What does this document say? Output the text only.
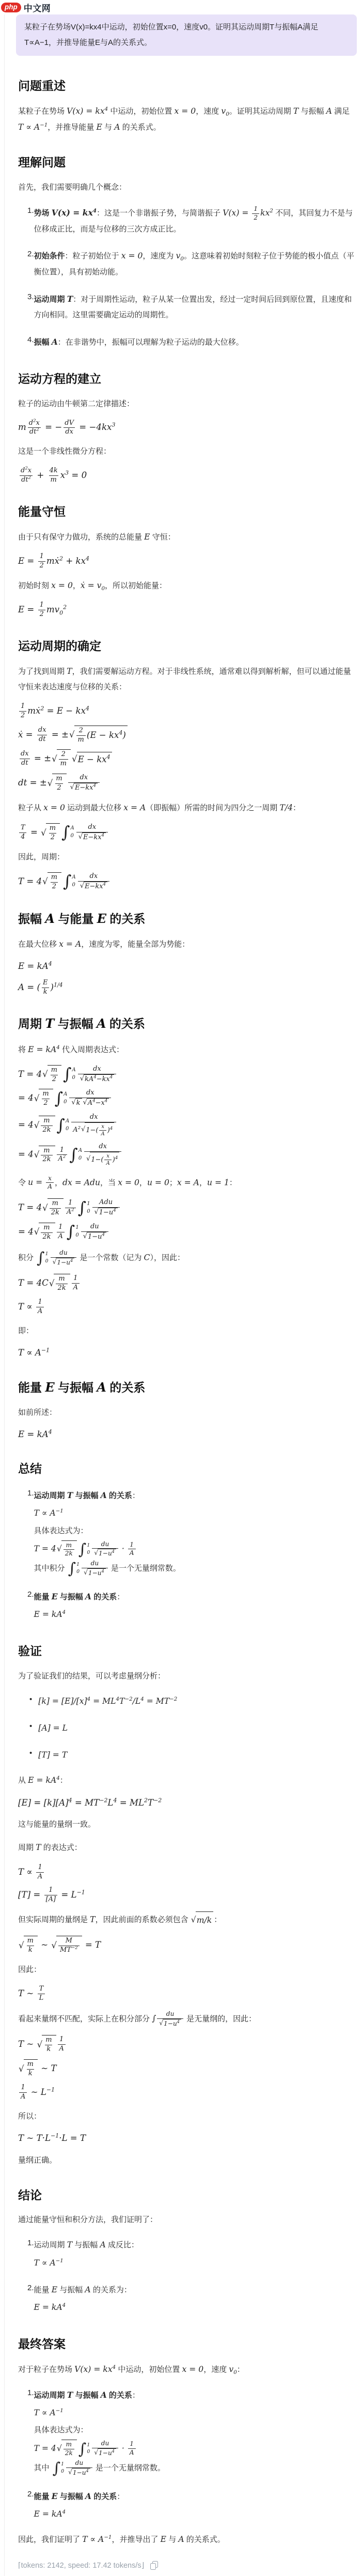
php 中文网
某粒子在势场V(x)=kx4中运动，初始位置x=0，速度v0。证明其运动周期T与振幅A满足T∝A−1，并推导能量E与A的关系式。
问题重述
某粒子在势场 $V(x) = kx^4$ 中运动，初始位置 x = 0，速度 $v_0$。证明其运动周期 T 与振幅 A 满足 $T \propto A^{-1}$，并推导能量 E 与 A 的关系式。
理解问题
首先，我们需要明确几个概念：
1. 势场 $V(x) = kx^4$：这是一个非谐振子势，与简谐振子 $V(x) = \frac{1}{2} kx^2$ 不同，其回复力不是与位移成正比，而是与位移的三次方成正比。
2. 初始条件：粒子初始位于 x = 0，速度为 $v_0$。这意味着初始时刻粒子位于势能的极小值点（平衡位置），具有初始动能。
3. 运动周期 T：对于周期性运动，粒子从某一位置出发，经过一定时间后回到原位置，且速度和方向相同。这里需要确定运动的周期性。
4. 振幅 A：在非谐势中，振幅可以理解为粒子运动的最大位移。
运动方程的建立
粒子的运动由牛顿第二定律描述：
m $\frac{d^2x}{dt^2}$ = − $\frac{dV}{dx} = -4kx^3$
这是一个非线性微分方程：
$\frac{d^2x}{dt^2} + \frac{4k}{m} x^3 = 0$
能量守恒
由于只有保守力做功，系统的总能量 E 守恒：
$E = \frac{1}{2}$ mẋ$^2$ + $kx^4$
初始时刻 x = 0，ẋ = $v_0$，所以初始能量：
$E = \frac{1}{2} mv_0^2$
运动周期的确定
为了找到周期 T，我们需要解运动方程。对于非线性系统，通常难以得到解析解，但可以通过能量守恒来表达速度与位移的关系：
$\frac{1}{2}$ mẋ$^2$ = $E - kx^4$
ẋ = $\frac{dx}{dt}$ = ± √ $\frac{2}{m} (E - kx^4)$
$\frac{dx}{dt}$ = ± √ $\frac{2}{m}$ √ $E - kx^4$
dt = ± √ $\frac{m}{2} \frac{dx}{√ E-kx^4}$
粒子从 x = 0 运动到最大位移 x = A（即振幅）所需的时间为四分之一周期 T/4：
$\frac{T}{4}$ = √ $\frac{m}{2}$ ∫ A
$0 \frac{dx}{√ E-kx^4}$
因此，周期：
T = 4 √ $\frac{m}{2}$ ∫ A
$0 \frac{dx}{√ E-kx^4}$
振幅 A 与能量 E 的关系
在最大位移 x = A，速度为零，能量全部为势能：
$E = kA^4$
A = ( $\frac{E}{k} )^{1/4}$
周期 T 与振幅 A 的关系
将 $E = kA^4$ 代入周期表达式：
T = 4 √ $\frac{m}{2}$ ∫ A
$0 \frac{dx}{√ kA^4-kx^4}$
= 4 √ $\frac{m}{2}$ ∫ A
$0 \frac{dx}{√ k √ A^4-x^4}$
= 4 √ $\frac{m}{2k}$ ∫ A
$0 \frac{dx}{A^2 √ 1-( \frac{x}{A} )^4}$
= 4 √ $\frac{m}{2k} \frac{1}{A^2}$ ∫ A
$0 \frac{dx}{√ 1-( \frac{x}{A} )^4}$
令 $u = \frac{x}{A}$ ，dx = Adu，当 x = 0，u = 0；x = A，u = 1：
T = 4 √ $\frac{m}{2k} \frac{1}{A^2}$ ∫ 1
$0 \frac{\text{Adu}}{√ 1-u^4}$
= 4 √ $\frac{m}{2k} \frac{1}{A}$ ∫ 1
$0 \frac{du}{√ 1-u^4}$
积分 ∫ 1
$0 \frac{du}{√ 1-u^4}$ 是一个常数（记为 C），因此：
T = 4C √ $\frac{m}{2k} \frac{1}{A}$
$T \propto \frac{1}{A}$
即：
$T \propto A^{-1}$
能量 E 与振幅 A 的关系
如前所述：
$E = kA^4$
总结
1. 运动周期 T 与振幅 A 的关系：
$T \propto A^{-1}$
具体表达式为：
T = 4 √ $\frac{m}{2k}$ ∫ 1
$0 \frac{du}{√ 1-u^4} \cdot \frac{1}{A}$
其中积分 ∫ 1
$0 \frac{du}{√ 1-u^4}$ 是一个无量纲常数。
2. 能量 E 与振幅 A 的关系：
$E = kA^4$
验证
为了验证我们的结果，可以考虑量纲分析：
• $[k] = [E]/[x]^4 = ML^4T^{-2}/L^4 = MT^{-2}$
• [A] = L
• [T] = T
从 $E = kA^4$：
$[E] = [k][A]^4 = MT^{-2}L^4 = ML^2T^{-2}$
这与能量的量纲一致。
周期 T 的表达式：
$T \propto \frac{1}{A}$
$[T] = \frac{1}{[A]} = L^{-1}$
但实际周期的量纲是 T，因此前面的系数必须包含 √ m/k ：
√ $\frac{m}{k}$ ∼ √ $\frac{M}{MT^{-2}} = T$
因此：
T ∼ $\frac{T}{L}$
看起来量纲不匹配，实际上在积分部分 ∫ $\frac{du}{√ 1-u^4}$ 是无量纲的，因此：
T ∼ √ $\frac{m}{k} \frac{1}{A}$
√ $\frac{m}{k}$ ∼ T
$\frac{1}{A}$ ∼ $L^{-1}$
所以：
T ∼ $T\cdot L^{-1}\cdot L = T$
量纲正确。
结论
通过能量守恒和积分方法，我们证明了：
1. 运动周期 T 与振幅 A 成反比：
$T \propto A^{-1}$
2. 能量 E 与振幅 A 的关系为：
$E = kA^4$
最终答案
对于粒子在势场 $V(x) = kx^4$ 中运动，初始位置 x = 0，速度 $v_0$：
1. 运动周期 T 与振幅 A 的关系：
$T \propto A^{-1}$
具体表达式为：
T = 4 √ $\frac{m}{2k}$ ∫ 1
$0 \frac{du}{√ 1-u^4} \cdot \frac{1}{A}$
其中 ∫ 1
$0 \frac{du}{√ 1-u^4}$ 是一个无量纲常数。
2. 能量 E 与振幅 A 的关系：
$E = kA^4$
因此，我们证明了 $T \propto A^{-1}$，并推导出了 E 与 A 的关系式。
⌈tokens: 2142, speed: 17.42 tokens/s⌋
